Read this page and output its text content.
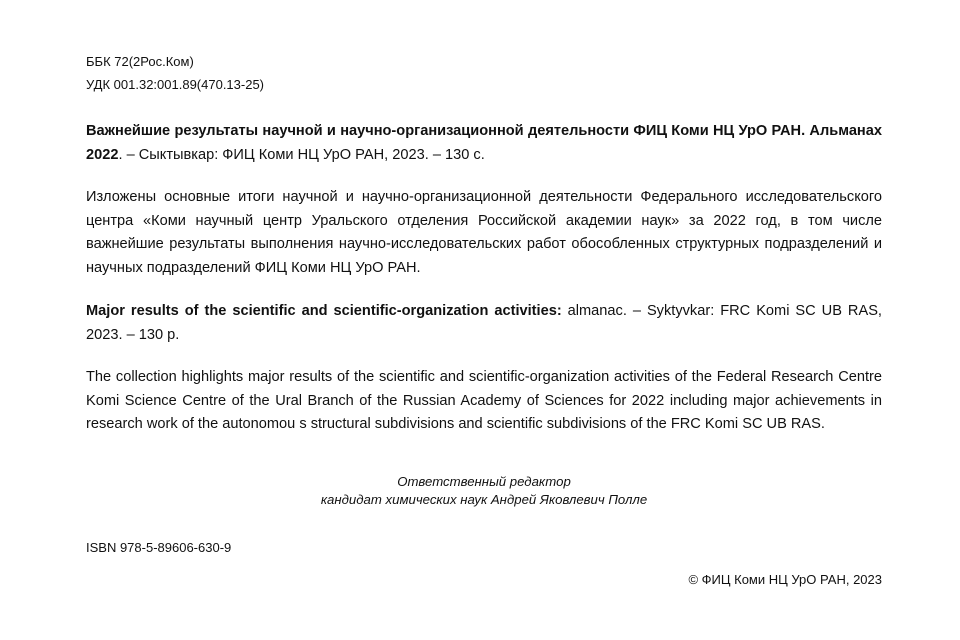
ББК 72(2Рос.Ком)
УДК 001.32:001.89(470.13-25)

Важнейшие результаты научной и научно-организационной деятельности ФИЦ Коми НЦ УрО РАН. Альманах 2022. – Сыктывкар: ФИЦ Коми НЦ УрО РАН, 2023. – 130 с.

Изложены основные итоги научной и научно-организационной деятельности Федерального исследовательского центра «Коми научный центр Уральского отделения Российской академии наук» за 2022 год, в том числе важнейшие результаты выполнения научно-исследовательских работ обособленных структурных подразделений и научных подразделений ФИЦ Коми НЦ УрО РАН.

Major results of the scientific and scientific-organization activities: almanac. – Syktyvkar: FRC Komi SC UB RAS, 2023. – 130 p.

The collection highlights major results of the scientific and scientific-organization activities of the Federal Research Centre Komi Science Centre of the Ural Branch of the Russian Academy of Sciences for 2022 including major achievements in research work of the autonomou s structural subdivisions and scientific subdivisions of the FRC Komi SC UB RAS.

Ответственный редактор
кандидат химических наук Андрей Яковлевич Полле
ISBN 978-5-89606-630-9
© ФИЦ Коми НЦ УрО РАН, 2023
